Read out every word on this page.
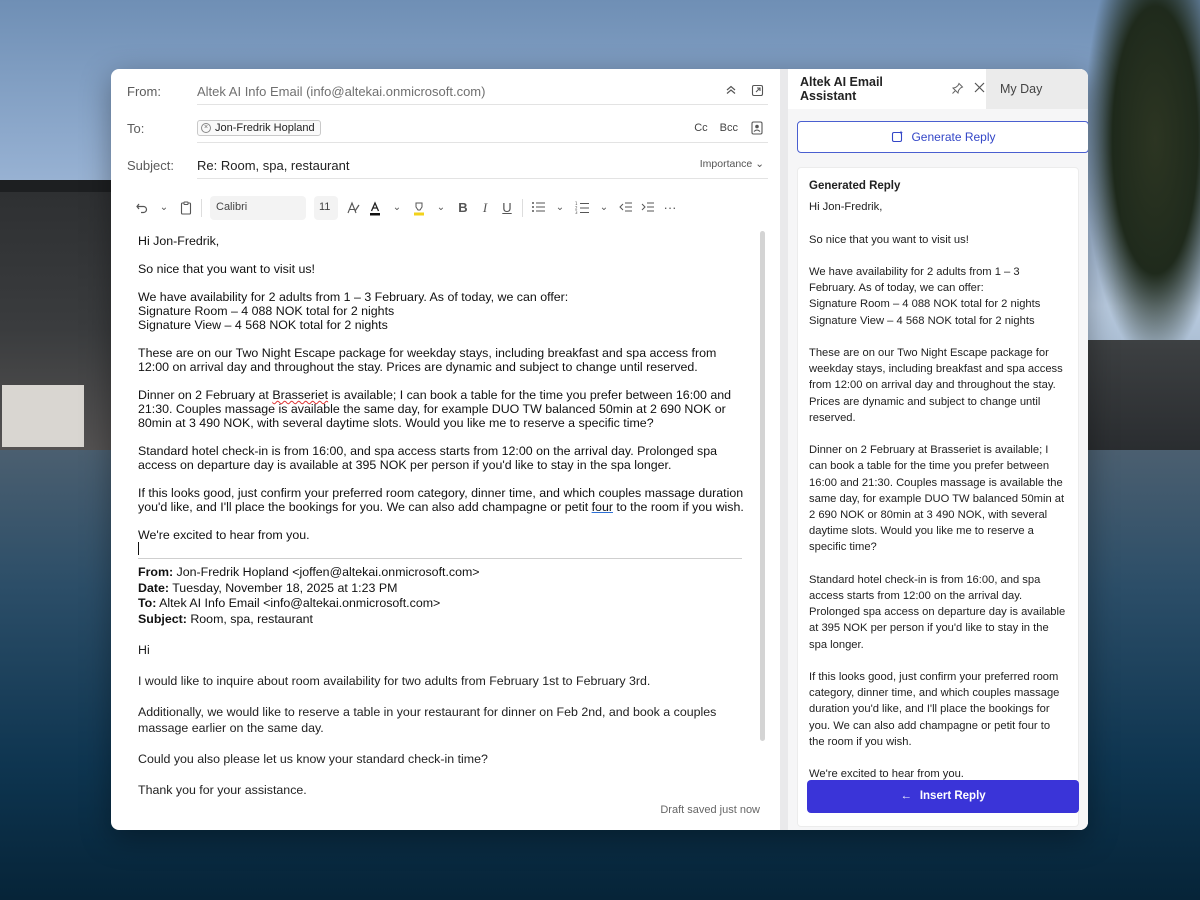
From:	Altek AI Info Email (info@altekai.onmicrosoft.com)
To:	× Jon-Fredrik Hopland	Cc Bcc
Subject:	Re: Room, spa, restaurant	Importance ⌄
⌄	Calibri	11	⌄	⌄ B	I	U	⌄	1
2
3 ⌄	···

Hi Jon-Fredrik,

So nice that you want to visit us!

We have availability for 2 adults from 1 – 3 February. As of today, we can offer:
Signature Room – 4 088 NOK total for 2 nights
Signature View – 4 568 NOK total for 2 nights

These are on our Two Night Escape package for weekday stays, including breakfast and spa access from 12:00 on arrival day and throughout the stay. Prices are dynamic and subject to change until reserved.

Dinner on 2 February at Brasseriet is available; I can book a table for the time you prefer between 16:00 and 21:30. Couples massage is available the same day, for example DUO TW balanced 50min at 2 690 NOK or 80min at 3 490 NOK, with several daytime slots. Would you like me to reserve a specific time?

Standard hotel check-in is from 16:00, and spa access starts from 12:00 on the arrival day. Prolonged spa access on departure day is available at 395 NOK per person if you'd like to stay in the spa longer.

If this looks good, just confirm your preferred room category, dinner time, and which couples massage duration you'd like, and I'll place the bookings for you. We can also add champagne or petit four to the room if you wish.

We're excited to hear from you.

From: Jon-Fredrik Hopland <joffen@altekai.onmicrosoft.com>

Date: Tuesday, November 18, 2025 at 1:23 PM

To: Altek AI Info Email <info@altekai.onmicrosoft.com>

Subject: Room, spa, restaurant

Hi

I would like to inquire about room availability for two adults from February 1st to February 3rd.

Additionally, we would like to reserve a table in your restaurant for dinner on Feb 2nd, and book a couples massage earlier on the same day.

Could you also please let us know your standard check-in time?

Thank you for your assistance.

Draft saved just now
Altek AI Email Assistant	My Day
Generate Reply
Generated Reply

Hi Jon-Fredrik,

So nice that you want to visit us!

We have availability for 2 adults from 1 – 3 February. As of today, we can offer:
Signature Room – 4 088 NOK total for 2 nights
Signature View – 4 568 NOK total for 2 nights

These are on our Two Night Escape package for weekday stays, including breakfast and spa access from 12:00 on arrival day and throughout the stay. Prices are dynamic and subject to change until reserved.

Dinner on 2 February at Brasseriet is available; I can book a table for the time you prefer between 16:00 and 21:30. Couples massage is available the same day, for example DUO TW balanced 50min at 2 690 NOK or 80min at 3 490 NOK, with several daytime slots. Would you like me to reserve a specific time?

Standard hotel check-in is from 16:00, and spa access starts from 12:00 on the arrival day. Prolonged spa access on departure day is available at 395 NOK per person if you'd like to stay in the spa longer.

If this looks good, just confirm your preferred room category, dinner time, and which couples massage duration you'd like, and I'll place the bookings for you. We can also add champagne or petit four to the room if you wish.

We're excited to hear from you.

← Insert Reply
